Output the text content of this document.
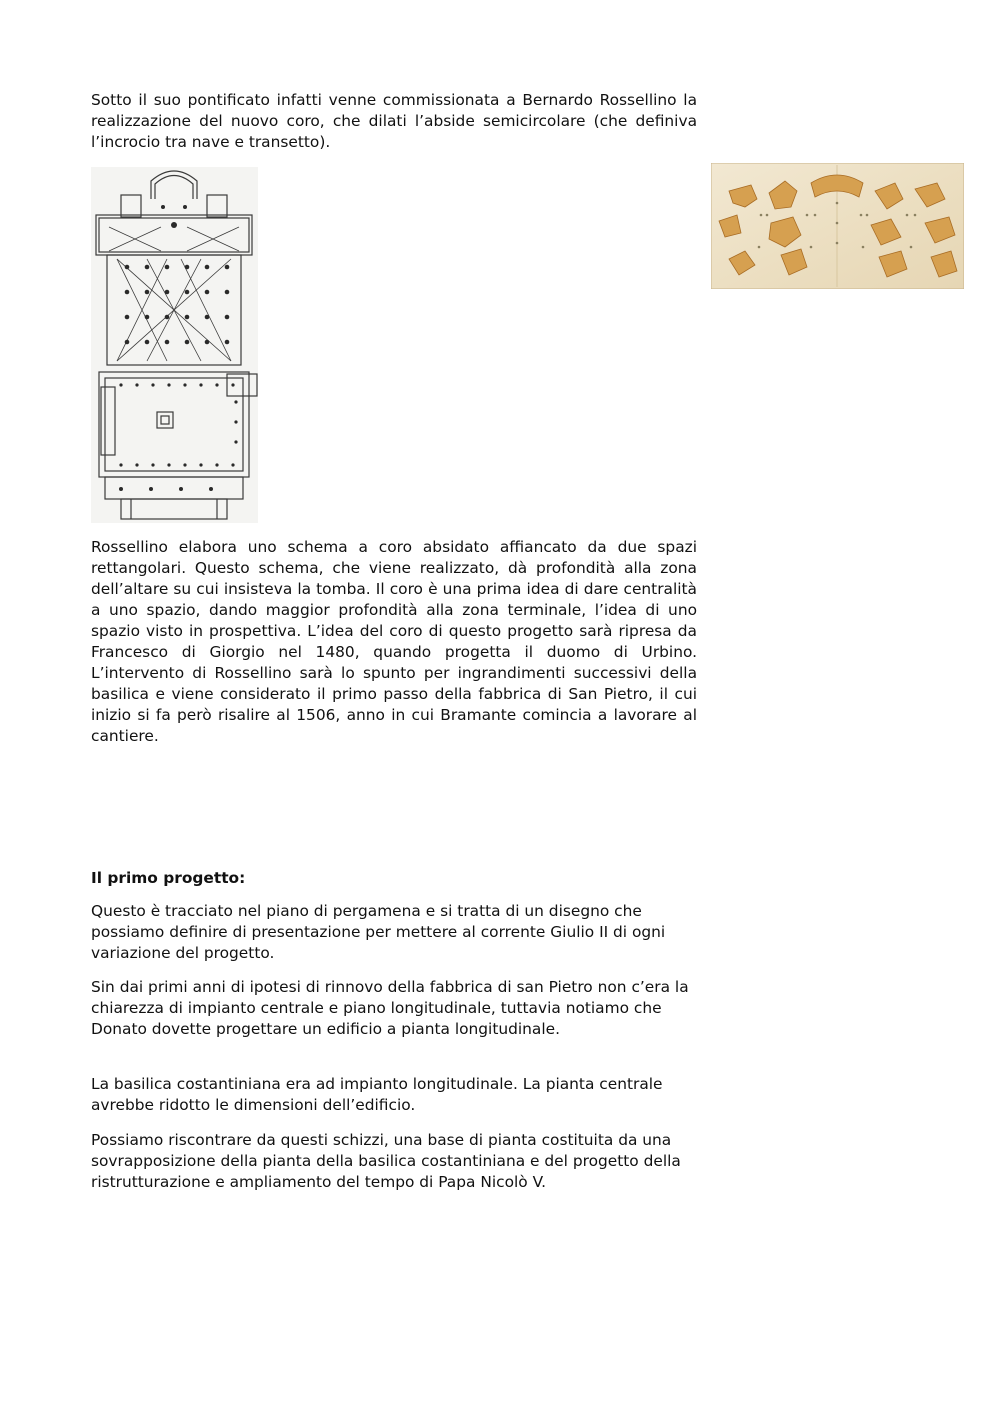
Sotto il suo pontificato infatti venne commissionata a Bernardo Rossellino la realizzazione del nuovo coro, che dilati l’abside semicircolare (che definiva l’incrocio tra nave e transetto).

Rossellino elabora uno schema a coro absidato affiancato da due spazi rettangolari. Questo schema, che viene realizzato, dà profondità alla zona dell’altare su cui insisteva la tomba. Il coro è una prima idea di dare centralità a uno spazio, dando maggior profondità alla zona terminale, l’idea di uno spazio visto in prospettiva. L’idea del coro di questo progetto sarà ripresa da Francesco di Giorgio nel 1480, quando progetta il duomo di Urbino. L’intervento di Rossellino sarà lo spunto per ingrandimenti successivi della basilica e viene considerato il primo passo della fabbrica di San Pietro, il cui inizio si fa però risalire al 1506, anno in cui Bramante comincia a lavorare al cantiere.

Il primo progetto:

Questo è tracciato nel piano di pergamena e si tratta di un disegno che possiamo definire di presentazione per mettere al corrente Giulio II di ogni variazione del progetto.

Sin dai primi anni di ipotesi di rinnovo della fabbrica di san Pietro non c’era la chiarezza di impianto centrale e piano longitudinale, tuttavia notiamo che Donato dovette progettare un edificio a pianta longitudinale.

La basilica costantiniana era ad impianto longitudinale. La pianta centrale avrebbe ridotto le dimensioni dell’edificio.

Possiamo riscontrare da questi schizzi, una base di pianta costituita da una sovrapposizione della pianta della basilica costantiniana e del progetto della ristrutturazione e ampliamento del tempo di Papa Nicolò V.
